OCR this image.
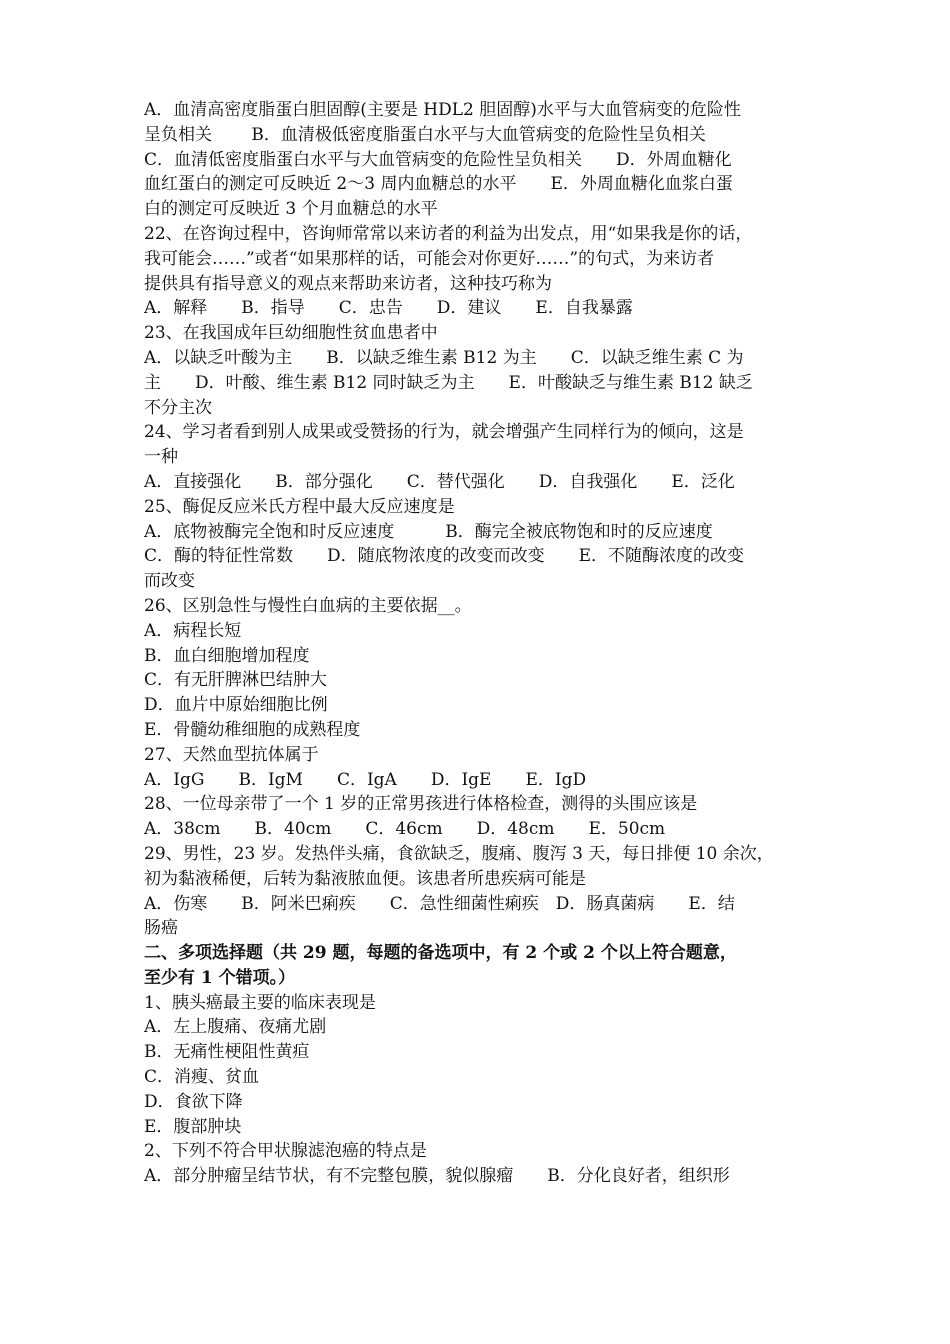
A．血清高密度脂蛋白胆固醇(主要是 HDL2 胆固醇)水平与大血管病变的危险性
呈负相关　　 B．血清极低密度脂蛋白水平与大血管病变的危险性呈负相关
C．血清低密度脂蛋白水平与大血管病变的危险性呈负相关　　D．外周血糖化
血红蛋白的测定可反映近 2～3 周内血糖总的水平　　E．外周血糖化血浆白蛋
白的测定可反映近 3 个月血糖总的水平
22、在咨询过程中，咨询师常常以来访者的利益为出发点，用“如果我是你的话，
我可能会……”或者“如果那样的话，可能会对你更好……”的句式，为来访者
提供具有指导意义的观点来帮助来访者，这种技巧称为
A．解释　　B．指导　　C．忠告　　D．建议　　E．自我暴露
23、在我国成年巨幼细胞性贫血患者中
A．以缺乏叶酸为主　　B．以缺乏维生素 B12 为主　　C．以缺乏维生素 C 为
主　　D．叶酸、维生素 B12 同时缺乏为主　　E．叶酸缺乏与维生素 B12 缺乏
不分主次
24、学习者看到别人成果或受赞扬的行为，就会增强产生同样行为的倾向，这是
一种
A．直接强化　　B．部分强化　　C．替代强化　　D．自我强化　　E．泛化
25、酶促反应米氏方程中最大反应速度是
A．底物被酶完全饱和时反应速度　　　B．酶完全被底物饱和时的反应速度
C．酶的特征性常数　　D．随底物浓度的改变而改变　　E．不随酶浓度的改变
而改变
26、区别急性与慢性白血病的主要依据__。
A．病程长短
B．血白细胞增加程度
C．有无肝脾淋巴结肿大
D．血片中原始细胞比例
E．骨髓幼稚细胞的成熟程度
27、天然血型抗体属于
A．IgG　　B．IgM　　C．IgA　　D．IgE　　E．IgD
28、一位母亲带了一个 1 岁的正常男孩进行体格检查，测得的头围应该是
A．38cm　　B．40cm　　C．46cm　　D．48cm　　E．50cm
29、男性，23 岁。发热伴头痛，食欲缺乏，腹痛、腹泻 3 天，每日排便 10 余次，
初为黏液稀便，后转为黏液脓血便。该患者所患疾病可能是
A．伤寒　　B．阿米巴痢疾　　C．急性细菌性痢疾　D．肠真菌病　　E．结
肠癌
二、多项选择题（共 29 题，每题的备选项中，有 2 个或 2 个以上符合题意，
至少有 1 个错项。）
1、胰头癌最主要的临床表现是
A．左上腹痛、夜痛尤剧
B．无痛性梗阻性黄疸
C．消瘦、贫血
D．食欲下降
E．腹部肿块
2、下列不符合甲状腺滤泡癌的特点是
A．部分肿瘤呈结节状，有不完整包膜，貌似腺瘤　　B．分化良好者，组织形
